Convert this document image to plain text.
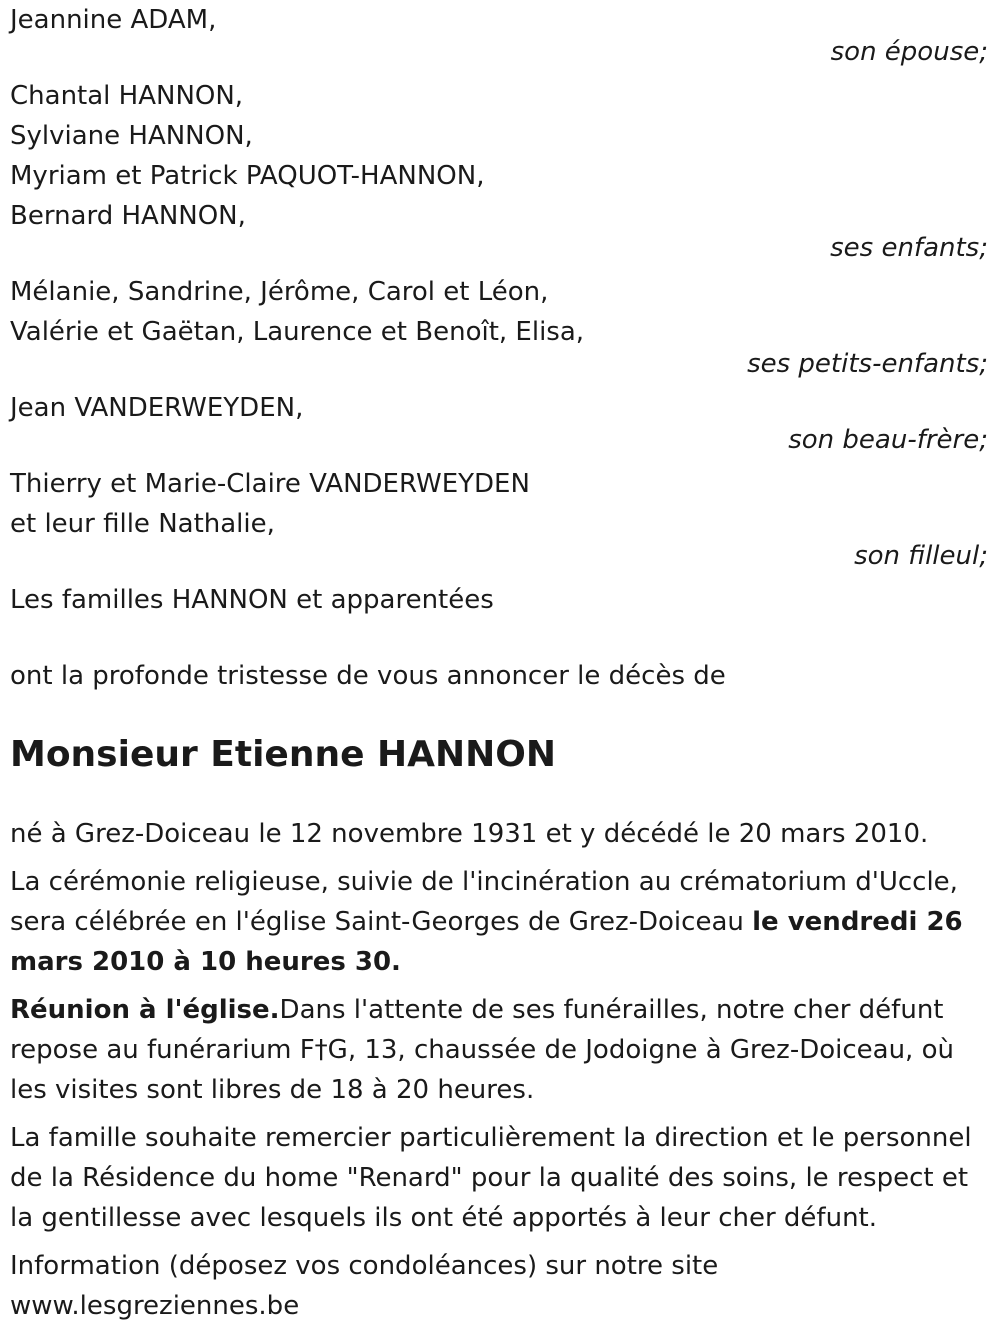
Jeannine ADAM,
son épouse;
Chantal HANNON,
Sylviane HANNON,
Myriam et Patrick PAQUOT-HANNON,
Bernard HANNON,
ses enfants;
Mélanie, Sandrine, Jérôme, Carol et Léon,
Valérie et Gaëtan, Laurence et Benoît, Elisa,
ses petits-enfants;
Jean VANDERWEYDEN,
son beau-frère;
Thierry et Marie-Claire VANDERWEYDEN
et leur fille Nathalie,
son filleul;
Les familles HANNON et apparentées
ont la profonde tristesse de vous annoncer le décès de
Monsieur Etienne HANNON

né à Grez-Doiceau le 12 novembre 1931 et y décédé le 20 mars 2010.

La cérémonie religieuse, suivie de l'incinération au crématorium d'Uccle, sera célébrée en l'église Saint-Georges de Grez-Doiceau le vendredi 26 mars 2010 à 10 heures 30.

Réunion à l'église.Dans l'attente de ses funérailles, notre cher défunt repose au funérarium F†G, 13, chaussée de Jodoigne à Grez-Doiceau, où les visites sont libres de 18 à 20 heures.

La famille souhaite remercier particulièrement la direction et le personnel de la Résidence du home "Renard" pour la qualité des soins, le respect et la gentillesse avec lesquels ils ont été apportés à leur cher défunt.

Information (déposez vos condoléances) sur notre site
www.lesgreziennes.be
